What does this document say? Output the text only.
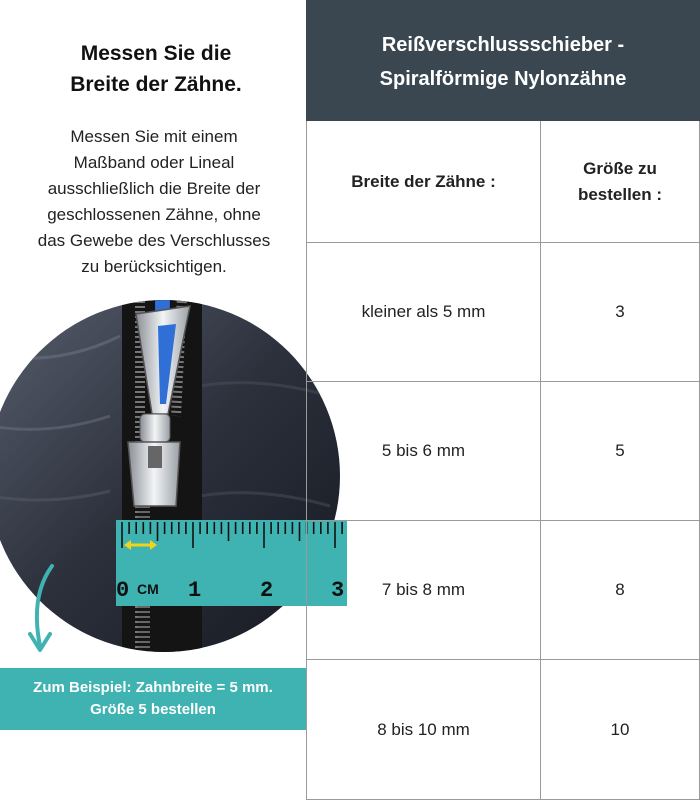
Messen Sie die
Breite der Zähne.
Messen Sie mit einem
Maßband oder Lineal
ausschließlich die Breite der
geschlossenen Zähne, ohne
das Gewebe des Verschlusses
zu berücksichtigen.
0 CM 1	2	3
Zum Beispiel: Zahnbreite = 5 mm.
Größe 5 bestellen
Reißverschlussschieber -
Spiralförmige Nylonzähne
Breite der Zähne :
Größe zu
bestellen :
kleiner als 5 mm	3
5 bis 6 mm	5
7 bis 8 mm	8
8 bis 10 mm	10
